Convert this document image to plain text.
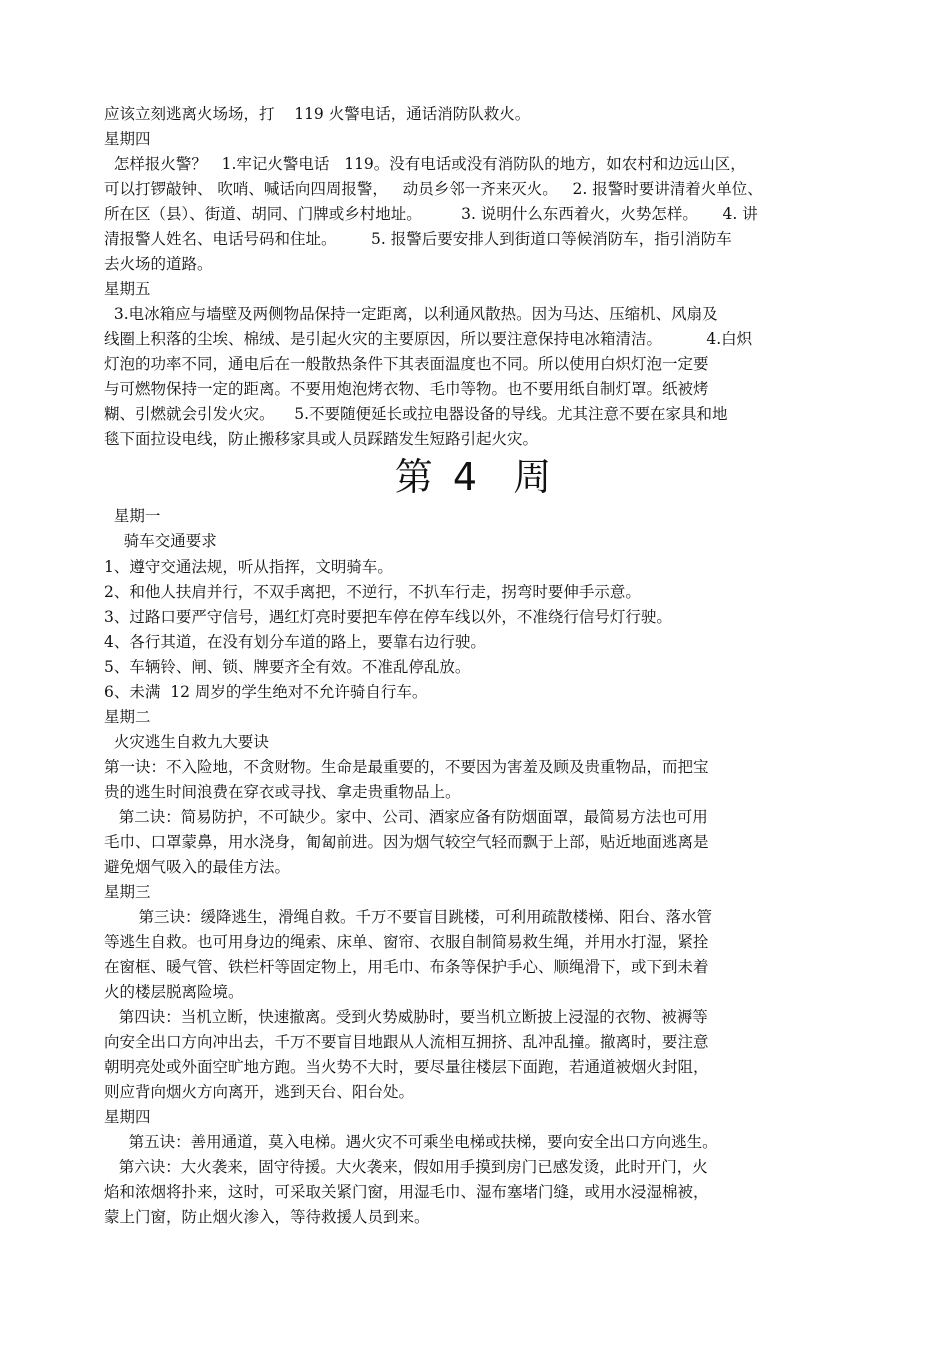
应该立刻逃离火场场，打    119 火警电话，通话消防队救火。
星期四
怎样报火警？   1.牢记火警电话   119。没有电话或没有消防队的地方，如农村和边远山区，
可以打锣敲钟、 吹哨、喊话向四周报警，   动员乡邻一齐来灭火。   2. 报警时要讲清着火单位、
所在区（县）、街道、胡同、门牌或乡村地址。        3. 说明什么东西着火，火势怎样。     4. 讲
清报警人姓名、电话号码和住址。       5. 报警后要安排人到街道口等候消防车，指引消防车
去火场的道路。
星期五
3.电冰箱应与墙壁及两侧物品保持一定距离，以利通风散热。因为马达、压缩机、风扇及
线圈上积落的尘埃、棉绒、是引起火灾的主要原因，所以要注意保持电冰箱清洁。         4.白炽
灯泡的功率不同，通电后在一般散热条件下其表面温度也不同。所以使用白炽灯泡一定要
与可燃物保持一定的距离。不要用炮泡烤衣物、毛巾等物。也不要用纸自制灯罩。纸被烤
糊、引燃就会引发火灾。    5.不要随便延长或拉电器设备的导线。尤其注意不要在家具和地
毯下面拉设电线，防止搬移家具或人员踩踏发生短路引起火灾。
第 4  周
星期一
骑车交通要求
1、遵守交通法规，听从指挥，文明骑车。
2、和他人扶肩并行，不双手离把，不逆行，不扒车行走，拐弯时要伸手示意。
3、过路口要严守信号，遇红灯亮时要把车停在停车线以外，不准绕行信号灯行驶。
4、各行其道，在没有划分车道的路上，要靠右边行驶。
5、车辆铃、闸、锁、牌要齐全有效。不准乱停乱放。
6、未满  12 周岁的学生绝对不允许骑自行车。
星期二
火灾逃生自救九大要诀
第一诀：不入险地，不贪财物。生命是最重要的，不要因为害羞及顾及贵重物品，而把宝
贵的逃生时间浪费在穿衣或寻找、拿走贵重物品上。
第二诀：简易防护，不可缺少。家中、公司、酒家应备有防烟面罩，最简易方法也可用
毛巾、口罩蒙鼻，用水浇身，匍匐前进。因为烟气较空气轻而飘于上部，贴近地面逃离是
避免烟气吸入的最佳方法。
星期三
第三诀：缓降逃生，滑绳自救。千万不要盲目跳楼，可利用疏散楼梯、阳台、落水管
等逃生自救。也可用身边的绳索、床单、窗帘、衣服自制简易救生绳，并用水打湿，紧拴
在窗框、暖气管、铁栏杆等固定物上，用毛巾、布条等保护手心、顺绳滑下，或下到未着
火的楼层脱离险境。
第四诀：当机立断，快速撤离。受到火势威胁时，要当机立断披上浸湿的衣物、被褥等
向安全出口方向冲出去，千万不要盲目地跟从人流相互拥挤、乱冲乱撞。撤离时，要注意
朝明亮处或外面空旷地方跑。当火势不大时，要尽量往楼层下面跑，若通道被烟火封阻，
则应背向烟火方向离开，逃到天台、阳台处。
星期四
第五诀：善用通道，莫入电梯。遇火灾不可乘坐电梯或扶梯，要向安全出口方向逃生。
第六诀：大火袭来，固守待援。大火袭来，假如用手摸到房门已感发烫，此时开门，火
焰和浓烟将扑来，这时，可采取关紧门窗，用湿毛巾、湿布塞堵门缝，或用水浸湿棉被，
蒙上门窗，防止烟火渗入，等待救援人员到来。
